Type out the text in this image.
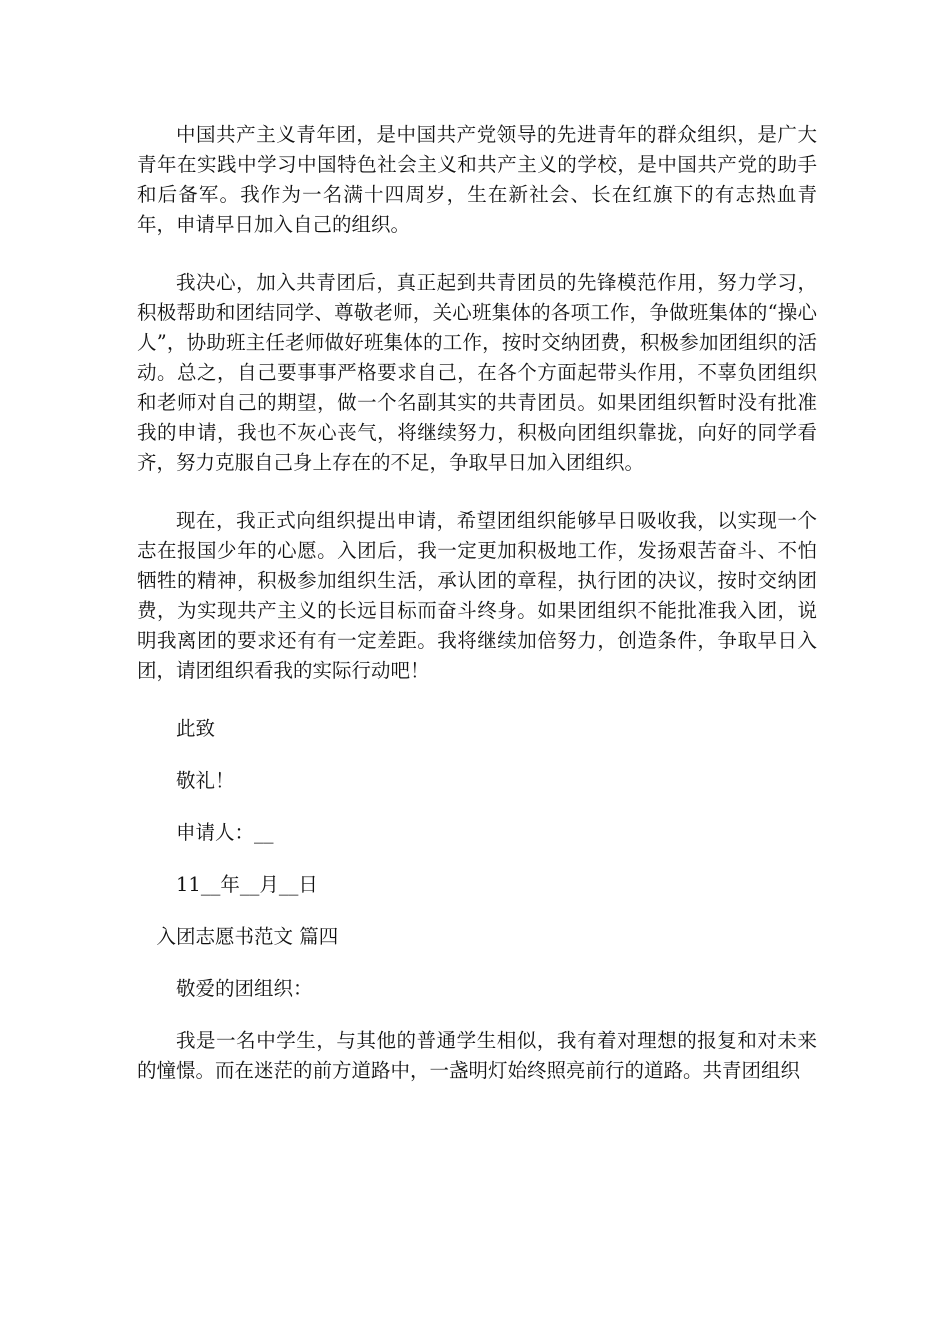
中国共产主义青年团，是中国共产党领导的先进青年的群众组织，是广大青年在实践中学习中国特色社会主义和共产主义的学校，是中国共产党的助手和后备军。我作为一名满十四周岁，生在新社会、长在红旗下的有志热血青年，申请早日加入自己的组织。

我决心，加入共青团后，真正起到共青团员的先锋模范作用，努力学习，积极帮助和团结同学、尊敬老师，关心班集体的各项工作，争做班集体的“操心人”，协助班主任老师做好班集体的工作，按时交纳团费，积极参加团组织的活动。总之，自己要事事严格要求自己，在各个方面起带头作用，不辜负团组织和老师对自己的期望，做一个名副其实的共青团员。如果团组织暂时没有批准我的申请，我也不灰心丧气，将继续努力，积极向团组织靠拢，向好的同学看齐，努力克服自己身上存在的不足，争取早日加入团组织。

现在，我正式向组织提出申请，希望团组织能够早日吸收我，以实现一个志在报国少年的心愿。入团后，我一定更加积极地工作，发扬艰苦奋斗、不怕牺牲的精神，积极参加组织生活，承认团的章程，执行团的决议，按时交纳团费，为实现共产主义的长远目标而奋斗终身。如果团组织不能批准我入团，说明我离团的要求还有有一定差距。我将继续加倍努力，创造条件，争取早日入团，请团组织看我的实际行动吧！

此致

敬礼！

申请人：__

11__年__月__日

入团志愿书范文 篇四

敬爱的团组织：

我是一名中学生，与其他的普通学生相似，我有着对理想的报复和对未来的憧憬。而在迷茫的前方道路中，一盏明灯始终照亮前行的道路。共青团组织
